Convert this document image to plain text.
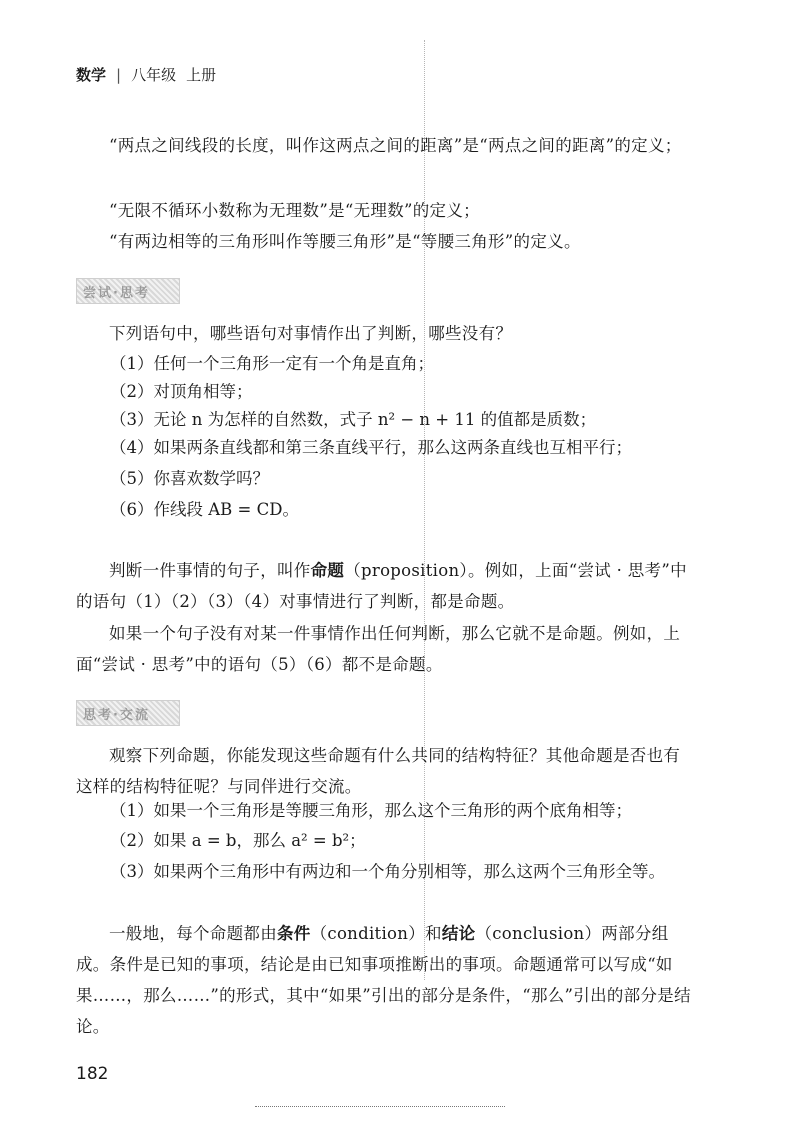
数学 | 八年级 上册

“两点之间线段的长度，叫作这两点之间的距离”是“两点之间的距离”的定义；

“无限不循环小数称为无理数”是“无理数”的定义；

“有两边相等的三角形叫作等腰三角形”是“等腰三角形”的定义。

尝试·思考

下列语句中，哪些语句对事情作出了判断，哪些没有？

（1）任何一个三角形一定有一个角是直角；
（2）对顶角相等；
（3）无论 n 为怎样的自然数，式子 n² − n + 11 的值都是质数；
（4）如果两条直线都和第三条直线平行，那么这两条直线也互相平行；
（5）你喜欢数学吗？
（6）作线段 AB = CD。

判断一件事情的句子，叫作命题（proposition）。例如，上面“尝试 · 思考”中的语句（1）（2）（3）（4）对事情进行了判断，都是命题。

如果一个句子没有对某一件事情作出任何判断，那么它就不是命题。例如，上面“尝试 · 思考”中的语句（5）（6）都不是命题。

思考·交流

观察下列命题，你能发现这些命题有什么共同的结构特征？其他命题是否也有这样的结构特征呢？与同伴进行交流。

（1）如果一个三角形是等腰三角形，那么这个三角形的两个底角相等；
（2）如果 a = b，那么 a² = b²；
（3）如果两个三角形中有两边和一个角分别相等，那么这两个三角形全等。

一般地，每个命题都由条件（condition）和结论（conclusion）两部分组成。条件是已知的事项，结论是由已知事项推断出的事项。命题通常可以写成“如果……，那么……”的形式，其中“如果”引出的部分是条件，“那么”引出的部分是结论。

182
